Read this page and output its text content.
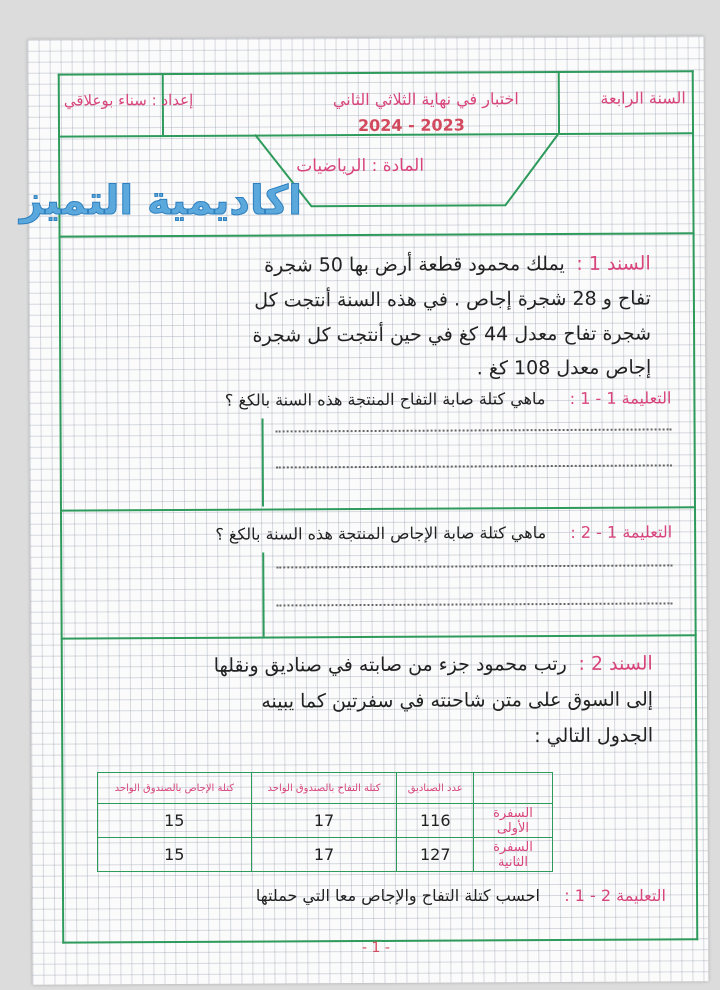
السنة الرابعة
اختبار في نهاية الثلاثي الثاني
2024 - 2023
إعداد : سناء بوعلاقي
المادة : الرياضيات
السند 1 :
يملك محمود قطعة أرض بها 50 شجرة
تفاح و 28 شجرة إجاص . في هذه السنة أنتجت كل
شجرة تفاح معدل 44 كغ في حين أنتجت كل شجرة
إجاص معدل 108 كغ .
التعليمة 1 - 1 :
ماهي كتلة صابة التفاح المنتجة هذه السنة بالكغ ؟
التعليمة 1 - 2 :
ماهي كتلة صابة الإجاص المنتجة هذه السنة بالكغ ؟
السند 2 :
رتب محمود جزء من صابته في صناديق ونقلها
إلى السوق على متن شاحنته في سفرتين كما يبينه
الجدول التالي :
اكاديمية التميز
	عدد الصناديق	كتلة التفاح بالصندوق الواحد	كتلة الإجاص بالصندوق الواحد
السفرة الأولى	116	17	15
السفرة الثانية	127	17	15
التعليمة 2 - 1 :
احسب كتلة التفاح والإجاص معا التي حملتها
- 1 -
